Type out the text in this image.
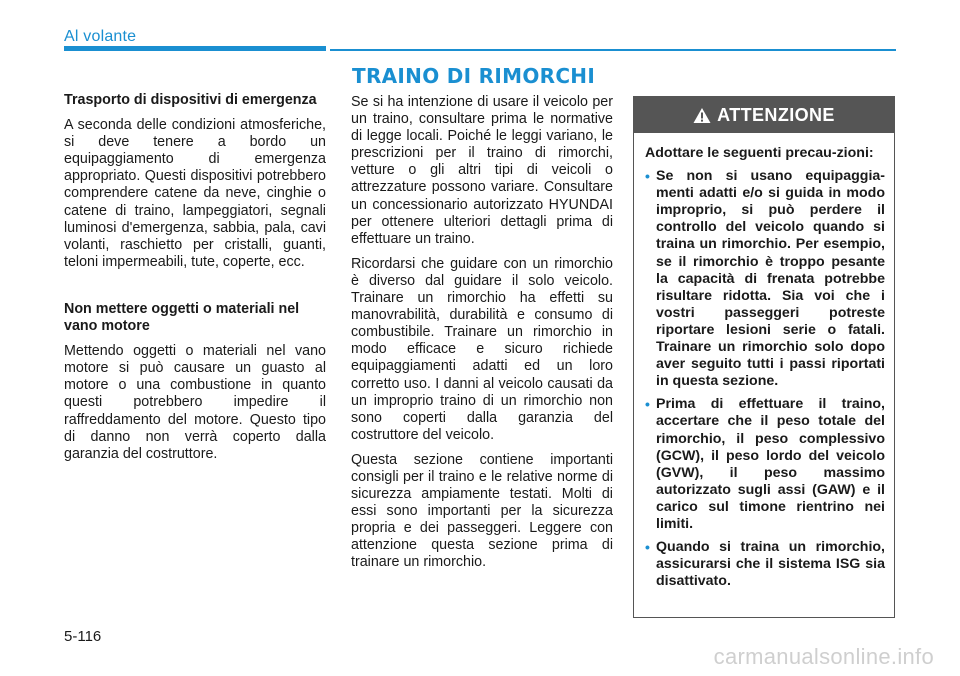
Al volante
TRAINO DI RIMORCHI
Trasporto di dispositivi di emergenza

A seconda delle condizioni atmosferiche, si deve tenere a bordo un equipaggiamento di emergenza appropriato. Questi dispositivi potrebbero comprendere catene da neve, cinghie o catene di traino, lampeggiatori, segnali luminosi d'emergenza, sabbia, pala, cavi volanti, raschietto per cristalli, guanti, teloni impermeabili, tute, coperte, ecc.

Non mettere oggetti o materiali nel vano motore

Mettendo oggetti o materiali nel vano motore si può causare un guasto al motore o una combustione in quanto questi potrebbero impedire il raffreddamento del motore. Questo tipo di danno non verrà coperto dalla garanzia del costruttore.

Se si ha intenzione di usare il veicolo per un traino, consultare prima le normative di legge locali. Poiché le leggi variano, le prescrizioni per il traino di rimorchi, vetture o gli altri tipi di veicoli o attrezzature possono variare. Consultare un concessionario autorizzato HYUNDAI per ottenere ulteriori dettagli prima di effettuare un traino.

Ricordarsi che guidare con un rimorchio è diverso dal guidare il solo veicolo. Trainare un rimorchio ha effetti su manovrabilità, durabilità e consumo di combustibile. Trainare un rimorchio in modo efficace e sicuro richiede equipaggiamenti adatti ed un loro corretto uso. I danni al veicolo causati da un improprio traino di un rimorchio non sono coperti dalla garanzia del costruttore del veicolo.

Questa sezione contiene importanti consigli per il traino e le relative norme di sicurezza ampiamente testati. Molti di essi sono importanti per la sicurezza propria e dei passeggeri. Leggere con attenzione questa sezione prima di trainare un rimorchio.

ATTENZIONE

Adottare le seguenti precau-zioni:

• Se non si usano equipaggia-menti adatti e/o si guida in modo improprio, si può perdere il controllo del veicolo quando si traina un rimorchio. Per esempio, se il rimorchio è troppo pesante la capacità di frenata potrebbe risultare ridotta. Sia voi che i vostri passeggeri potreste riportare lesioni serie o fatali. Trainare un rimorchio solo dopo aver seguito tutti i passi riportati in questa sezione.
• Prima di effettuare il traino, accertare che il peso totale del rimorchio, il peso complessivo (GCW), il peso lordo del veicolo (GVW), il peso massimo autorizzato sugli assi (GAW) e il carico sul timone rientrino nei limiti.
• Quando si traina un rimorchio, assicurarsi che il sistema ISG sia disattivato.
5-116
carmanualsonline.info
